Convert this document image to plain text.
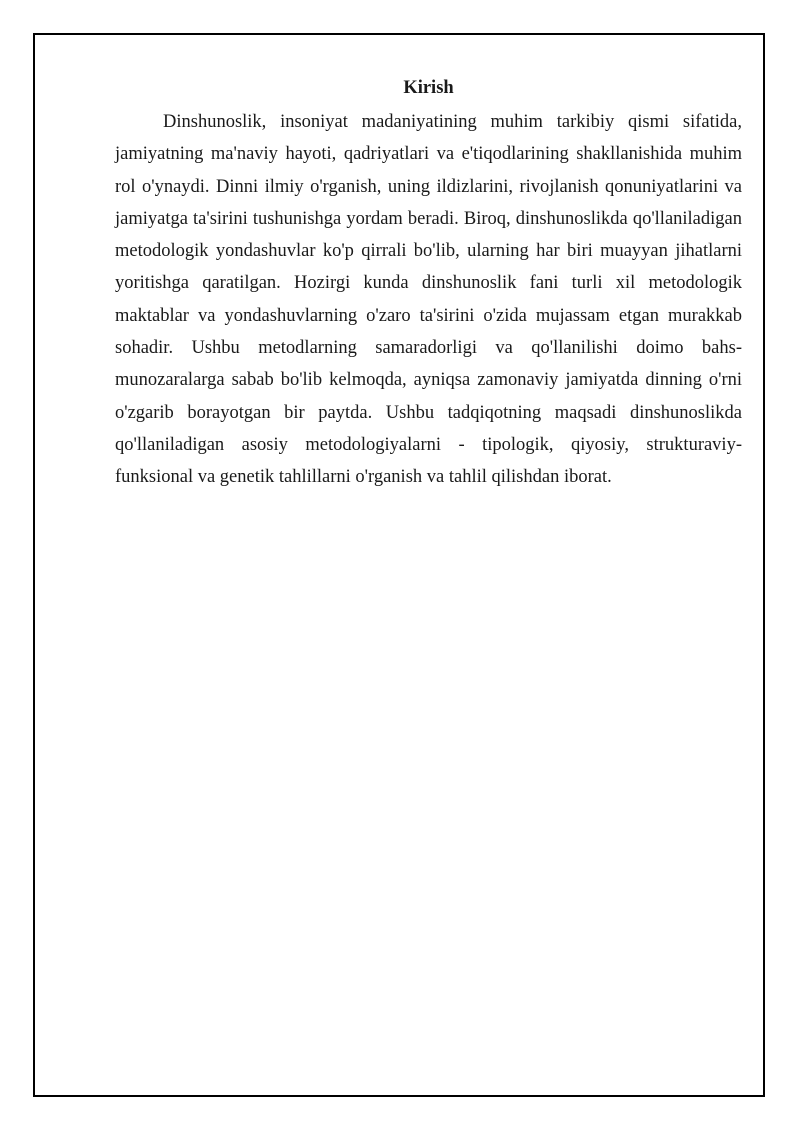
Kirish

Dinshunoslik, insoniyat madaniyatining muhim tarkibiy qismi sifatida, jamiyatning ma'naviy hayoti, qadriyatlari va e'tiqodlarining shakllanishida muhim rol o'ynaydi. Dinni ilmiy o'rganish, uning ildizlarini, rivojlanish qonuniyatlarini va jamiyatga ta'sirini tushunishga yordam beradi. Biroq, dinshunoslikda qo'llaniladigan metodologik yondashuvlar ko'p qirrali bo'lib, ularning har biri muayyan jihatlarni yoritishga qaratilgan. Hozirgi kunda dinshunoslik fani turli xil metodologik maktablar va yondashuvlarning o'zaro ta'sirini o'zida mujassam etgan murakkab sohadir. Ushbu metodlarning samaradorligi va qo'llanilishi doimo bahs-munozaralarga sabab bo'lib kelmoqda, ayniqsa zamonaviy jamiyatda dinning o'rni o'zgarib borayotgan bir paytda. Ushbu tadqiqotning maqsadi dinshunoslikda qo'llaniladigan asosiy metodologiyalarni - tipologik, qiyosiy, strukturaviy-funksional va genetik tahlillarni o'rganish va tahlil qilishdan iborat.
